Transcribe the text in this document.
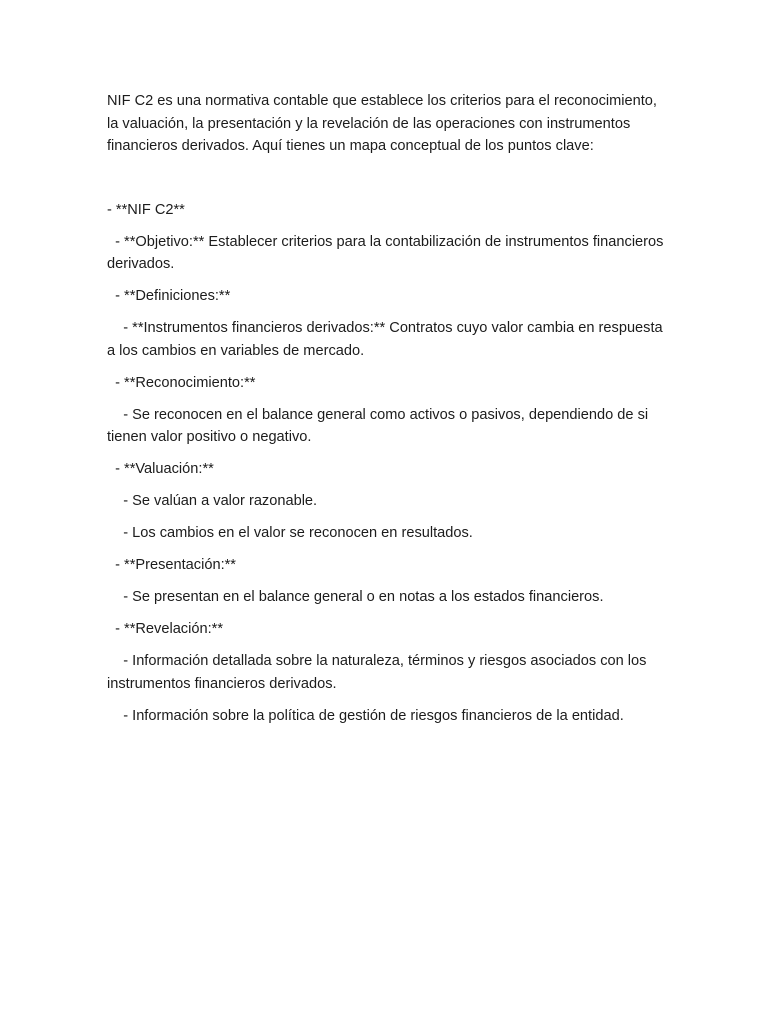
NIF C2 es una normativa contable que establece los criterios para el reconocimiento, la valuación, la presentación y la revelación de las operaciones con instrumentos financieros derivados. Aquí tienes un mapa conceptual de los puntos clave:

- **NIF C2**

- **Objetivo:** Establecer criterios para la contabilización de instrumentos financieros derivados.

- **Definiciones:**

- **Instrumentos financieros derivados:** Contratos cuyo valor cambia en respuesta a los cambios en variables de mercado.

- **Reconocimiento:**

- Se reconocen en el balance general como activos o pasivos, dependiendo de si tienen valor positivo o negativo.

- **Valuación:**

- Se valúan a valor razonable.

- Los cambios en el valor se reconocen en resultados.

- **Presentación:**

- Se presentan en el balance general o en notas a los estados financieros.

- **Revelación:**

- Información detallada sobre la naturaleza, términos y riesgos asociados con los instrumentos financieros derivados.

- Información sobre la política de gestión de riesgos financieros de la entidad.
